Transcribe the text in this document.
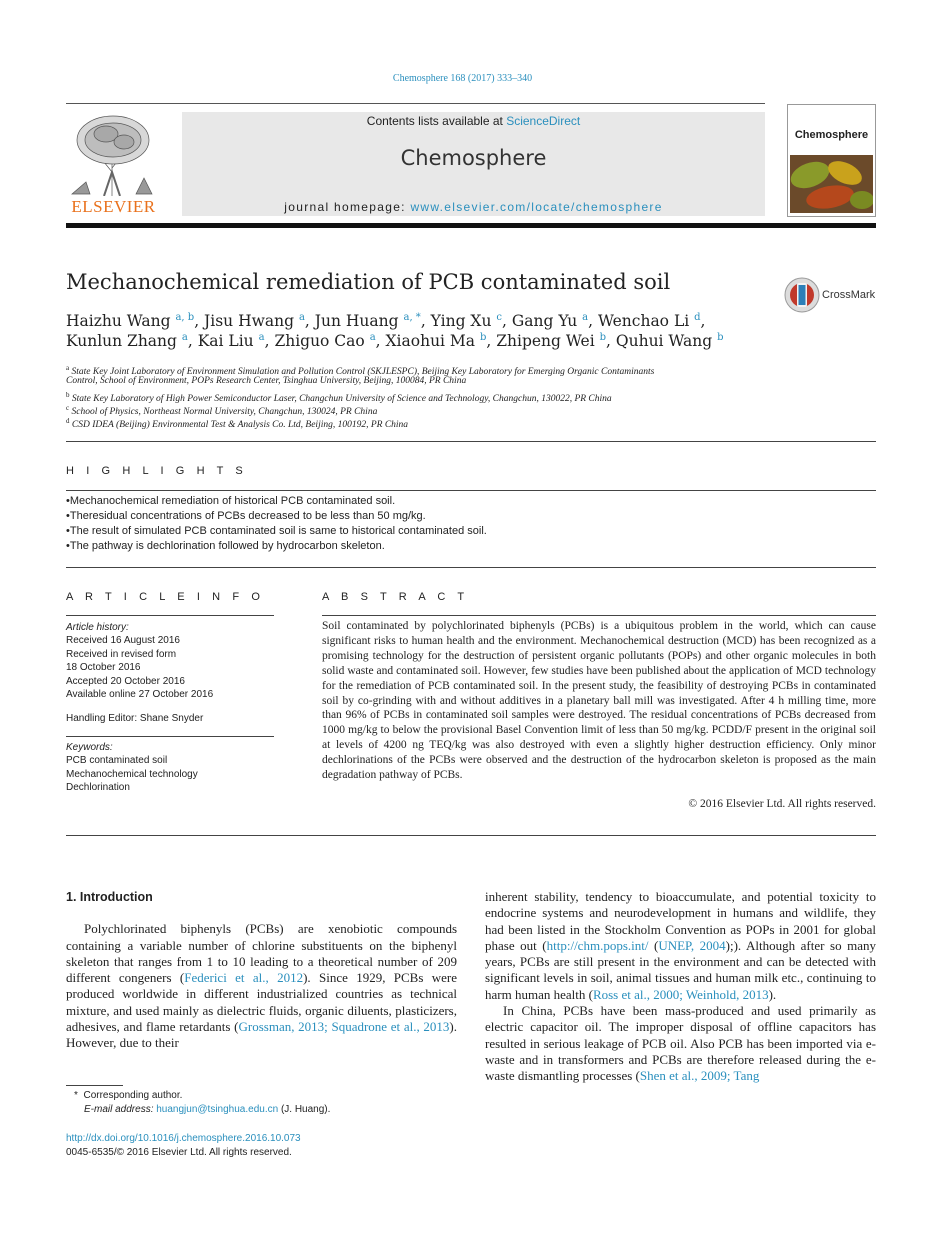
Chemosphere 168 (2017) 333–340
ELSEVIER
Contents lists available at ScienceDirect
Chemosphere
journal homepage: www.elsevier.com/locate/chemosphere
Chemosphere
Mechanochemical remediation of PCB contaminated soil
CrossMark
Haizhu Wang $^{a, b}$, Jisu Hwang $^a$, Jun Huang $^{a, *}$, Ying Xu $^c$, Gang Yu $^a$, Wenchao Li $^d$,
Kunlun Zhang $^a$, Kai Liu $^a$, Zhiguo Cao $^a$, Xiaohui Ma $^b$, Zhipeng Wei $^b$, Quhui Wang $^b$
$^a$ State Key Joint Laboratory of Environment Simulation and Pollution Control (SKJLESPC), Beijing Key Laboratory for Emerging Organic Contaminants
Control, School of Environment, POPs Research Center, Tsinghua University, Beijing, 100084, PR China
$^b$ State Key Laboratory of High Power Semiconductor Laser, Changchun University of Science and Technology, Changchun, 130022, PR China
$^c$ School of Physics, Northeast Normal University, Changchun, 130024, PR China
$^d$ CSD IDEA (Beijing) Environmental Test & Analysis Co. Ltd, Beijing, 100192, PR China
H I G H L I G H T S
• Mechanochemical remediation of historical PCB contaminated soil.
• Theresidual concentrations of PCBs decreased to be less than 50 mg/kg.
• The result of simulated PCB contaminated soil is same to historical contaminated soil.
• The pathway is dechlorination followed by hydrocarbon skeleton.
A R T I C L E I N F O
Article history:
Received 16 August 2016
Received in revised form
18 October 2016
Accepted 20 October 2016
Available online 27 October 2016
Handling Editor: Shane Snyder
Keywords:
PCB contaminated soil
Mechanochemical technology
Dechlorination
A B S T R A C T
Soil contaminated by polychlorinated biphenyls (PCBs) is a ubiquitous problem in the world, which can cause significant risks to human health and the environment. Mechanochemical destruction (MCD) has been recognized as a promising technology for the destruction of persistent organic pollutants (POPs) and other organic molecules in both solid waste and contaminated soil. However, few studies have been published about the application of MCD technology for the remediation of PCB contaminated soil. In the present study, the feasibility of destroying PCBs in contaminated soil by co-grinding with and without additives in a planetary ball mill was investigated. After 4 h milling time, more than 96% of PCBs in contaminated soil samples were destroyed. The residual concentrations of PCBs decreased from 1000 mg/kg to below the provisional Basel Convention limit of less than 50 mg/kg. PCDD/F present in the original soil at levels of 4200 ng TEQ/kg was also destroyed with even a slightly higher destruction efficiency. Only minor dechlorinations of the PCBs were observed and the destruction of the hydrocarbon skeleton is proposed as the main degradation pathway of PCBs.
© 2016 Elsevier Ltd. All rights reserved.
1. Introduction

Polychlorinated biphenyls (PCBs) are xenobiotic compounds containing a variable number of chlorine substituents on the biphenyl skeleton that ranges from 1 to 10 leading to a theoretical number of 209 different congeners (Federici et al., 2012). Since 1929, PCBs were produced worldwide in different industrialized countries as technical mixture, and used mainly as dielectric fluids, organic diluents, plasticizers, adhesives, and flame retardants (Grossman, 2013; Squadrone et al., 2013). However, due to their

inherent stability, tendency to bioaccumulate, and potential toxicity to endocrine systems and neurodevelopment in humans and wildlife, they had been listed in the Stockholm Convention as POPs in 2001 for global phase out (http://chm.pops.int/ (UNEP, 2004);). Although after so many years, PCBs are still present in the environment and can be detected with significant levels in soil, animal tissues and human milk etc., continuing to harm human health (Ross et al., 2000; Weinhold, 2013).

In China, PCBs have been mass-produced and used primarily as electric capacitor oil. The improper disposal of offline capacitors has resulted in serious leakage of PCB oil. Also PCB has been imported via e-waste and in transformers and PCBs are therefore released during the e-waste dismantling processes (Shen et al., 2009; Tang

* Corresponding author.
E-mail address: huangjun@tsinghua.edu.cn (J. Huang).
http://dx.doi.org/10.1016/j.chemosphere.2016.10.073
0045-6535/© 2016 Elsevier Ltd. All rights reserved.
